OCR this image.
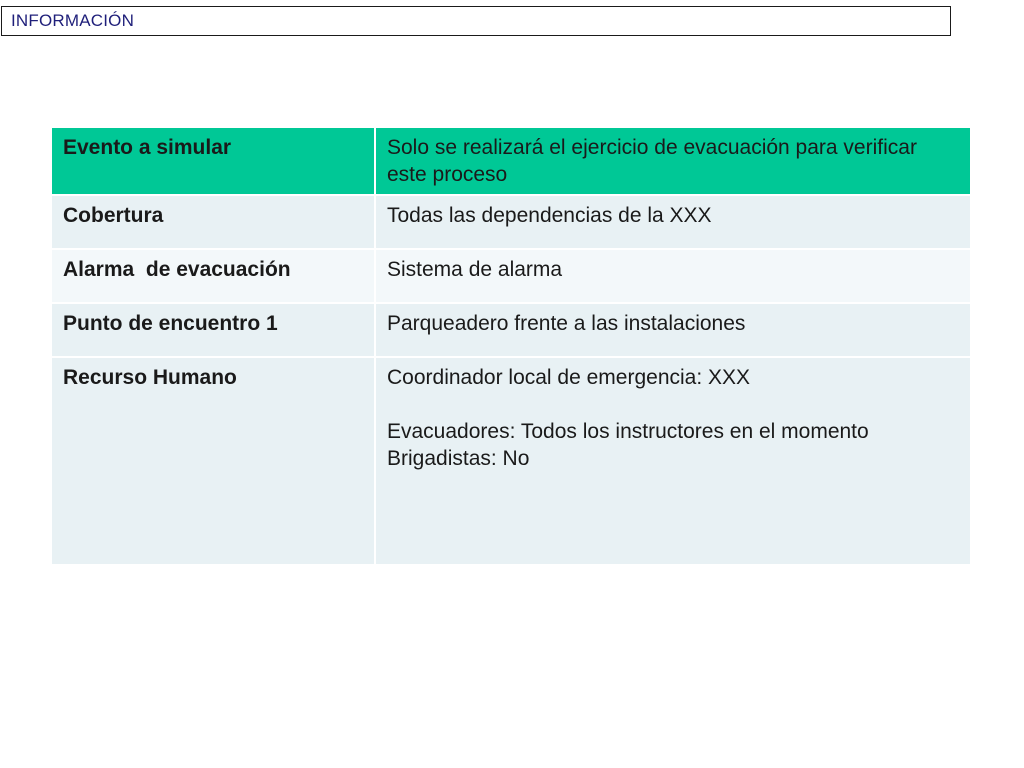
INFORMACIÓN
Evento a simular	Solo se realizará el ejercicio de evacuación para verificar este proceso

Cobertura	Todas las dependencias de la XXX

Alarma  de evacuación	Sistema de alarma

Punto de encuentro 1	Parqueadero frente a las instalaciones

Recurso Humano	Coordinador local de emergencia: XXX
Evacuadores: Todos los instructores en el momento
Brigadistas: No
